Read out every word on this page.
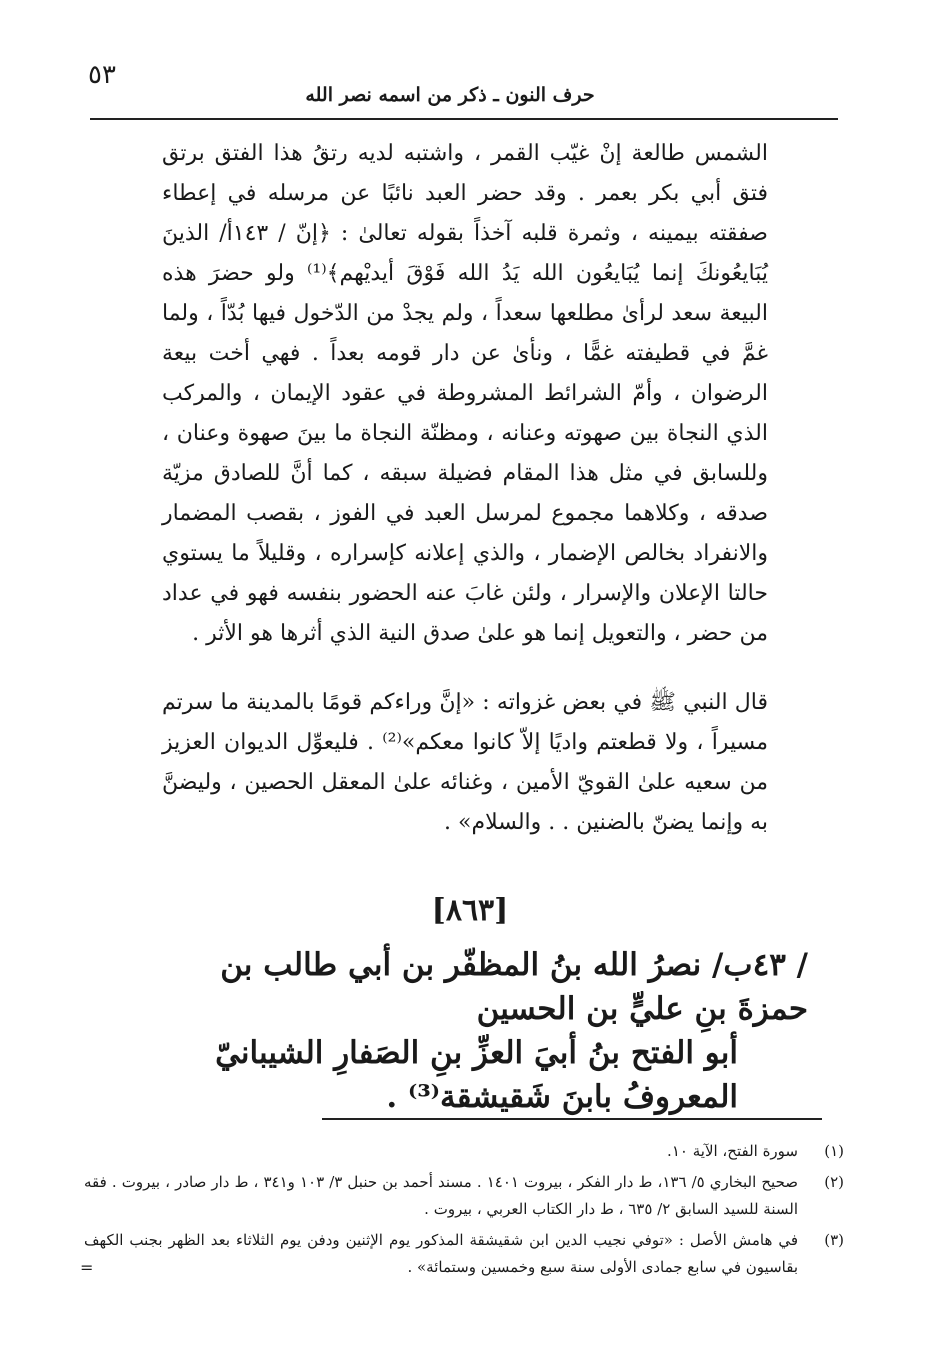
٥٣
حرف النون ـ ذكر من اسمه نصر الله
الشمس طالعة إنْ غيّب القمر ، واشتبه لديه رتقُ هذا الفتق برتق فتق أبي بكر بعمر . وقد حضر العبد نائبًا عن مرسله في إعطاء صفقته بيمينه ، وثمرة قلبه آخذاً بقوله تعالىٰ : ﴿إنّ / ١٤٣أ/ الذينَ يُبَايعُونكَ إنما يُبَايعُون الله يَدُ الله فَوْقَ أيديْهم﴾⁽¹⁾ ولو حضرَ هذه البيعة سعد لرأىٰ مطلعها سعداً ، ولم يجدْ من الدّخول فيها بُدّاً ، ولما غمَّ في قطيفته غمًّا ، ونأىٰ عن دار قومه بعداً . فهي أخت بيعة الرضوان ، وأمّ الشرائط المشروطة في عقود الإيمان ، والمركب الذي النجاة بين صهوته وعنانه ، ومظنّة النجاة ما بينَ صهوة وعنان ، وللسابق في مثل هذا المقام فضيلة سبقه ، كما أنَّ للصادق مزيّة صدقه ، وكلاهما مجموع لمرسل العبد في الفوز ، بقصب المضمار والانفراد بخالص الإضمار ، والذي إعلانه كإسراره ، وقليلاً ما يستوي حالتا الإعلان والإسرار ، ولئن غابَ عنه الحضور بنفسه فهو في عداد من حضر ، والتعويل إنما هو علىٰ صدق النية الذي أثرها هو الأثر .
قال النبي ﷺ في بعض غزواته : «إنَّ وراءكم قومًا بالمدينة ما سرتم مسيراً ، ولا قطعتم واديًا إلاّ كانوا معكم»⁽²⁾ . فليعوِّل الديوان العزيز من سعيه علىٰ القويّ الأمين ، وغنائه علىٰ المعقل الحصين ، وليضنَّ به وإنما يضنّ بالضنين . . والسلام» .
[٨٦٣]
/ ٤٣ب/ نصرُ الله بنُ المظفّر بن أبي طالب بن حمزةَ بنِ عليٍّ بن الحسين
أبو الفتح بنُ أبيَ العزِّ بنِ الصَفارِ الشيبانيّ المعروفُ بابنَ شَقيشقة⁽³⁾ .
(١)
سورة الفتح، الآية ١٠.
(٢)
صحيح البخاري ٥/ ١٣٦، ط دار الفكر ، بيروت ١٤٠١ . مسند أحمد بن حنبل ٣/ ١٠٣ و٣٤١ ، ط دار صادر ، بيروت . فقه السنة للسيد السابق ٢/ ٦٣٥ ، ط دار الكتاب العربي ، بيروت .
(٣)
في هامش الأصل : «توفي نجيب الدين ابن شقيشقة المذكور يوم الإثنين ودفن يوم الثلاثاء بعد الظهر بجنب الكهف بقاسيون في سابع جمادى الأولى سنة سبع وخمسين وستمائة» .
=
